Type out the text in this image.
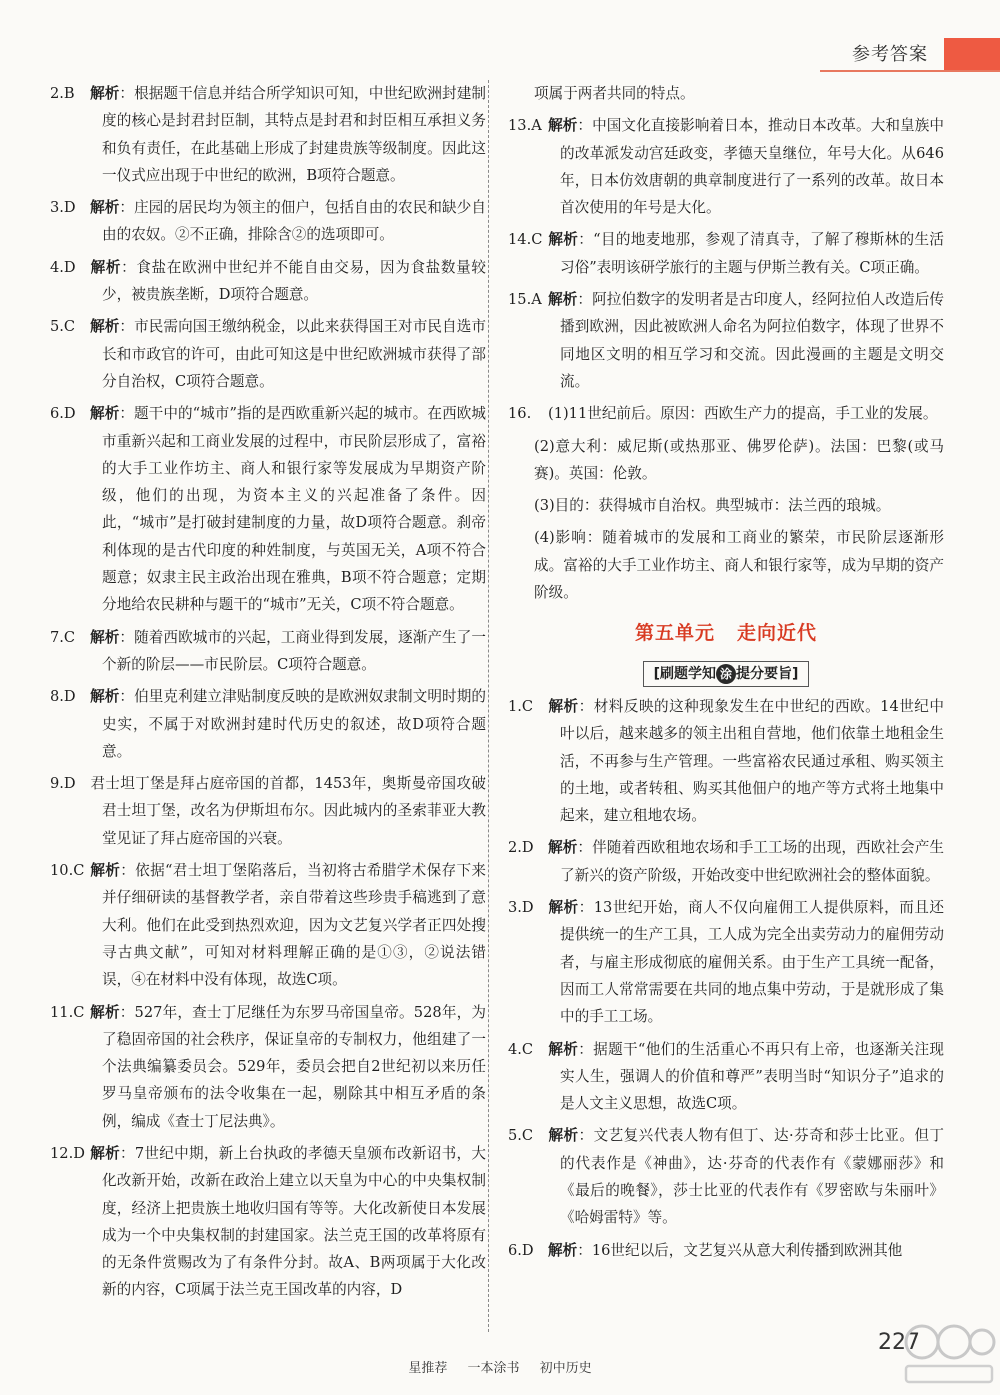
参考答案
2.B 解析：根据题干信息并结合所学知识可知，中世纪欧洲封建制度的核心是封君封臣制，其特点是封君和封臣相互承担义务和负有责任，在此基础上形成了封建贵族等级制度。因此这一仪式应出现于中世纪的欧洲，B项符合题意。
3.D 解析：庄园的居民均为领主的佃户，包括自由的农民和缺少自由的农奴。②不正确，排除含②的选项即可。
4.D 解析：食盐在欧洲中世纪并不能自由交易，因为食盐数量较少，被贵族垄断，D项符合题意。
5.C 解析：市民需向国王缴纳税金，以此来获得国王对市民自选市长和市政官的许可，由此可知这是中世纪欧洲城市获得了部分自治权，C项符合题意。
6.D 解析：题干中的“城市”指的是西欧重新兴起的城市。在西欧城市重新兴起和工商业发展的过程中，市民阶层形成了，富裕的大手工业作坊主、商人和银行家等发展成为早期资产阶级，他们的出现，为资本主义的兴起准备了条件。因此，“城市”是打破封建制度的力量，故D项符合题意。刹帝利体现的是古代印度的种姓制度，与英国无关，A项不符合题意；奴隶主民主政治出现在雅典，B项不符合题意；定期分地给农民耕种与题干的“城市”无关，C项不符合题意。
7.C 解析：随着西欧城市的兴起，工商业得到发展，逐渐产生了一个新的阶层——市民阶层。C项符合题意。
8.D 解析：伯里克利建立津贴制度反映的是欧洲奴隶制文明时期的史实，不属于对欧洲封建时代历史的叙述，故D项符合题意。
9.D 君士坦丁堡是拜占庭帝国的首都，1453年，奥斯曼帝国攻破君士坦丁堡，改名为伊斯坦布尔。因此城内的圣索菲亚大教堂见证了拜占庭帝国的兴衰。
10.C 解析：依据“君士坦丁堡陷落后，当初将古希腊学术保存下来并仔细研读的基督教学者，亲自带着这些珍贵手稿逃到了意大利。他们在此受到热烈欢迎，因为文艺复兴学者正四处搜寻古典文献”，可知对材料理解正确的是①③，②说法错误，④在材料中没有体现，故选C项。
11.C 解析：527年，查士丁尼继任为东罗马帝国皇帝。528年，为了稳固帝国的社会秩序，保证皇帝的专制权力，他组建了一个法典编纂委员会。529年，委员会把自2世纪初以来历任罗马皇帝颁布的法令收集在一起，剔除其中相互矛盾的条例，编成《查士丁尼法典》。
12.D 解析：7世纪中期，新上台执政的孝德天皇颁布改新诏书，大化改新开始，改新在政治上建立以天皇为中心的中央集权制度，经济上把贵族土地收归国有等等。大化改新使日本发展成为一个中央集权制的封建国家。法兰克王国的改革将原有的无条件赏赐改为了有条件分封。故A、B两项属于大化改新的内容，C项属于法兰克王国改革的内容，D
项属于两者共同的特点。
13.A 解析：中国文化直接影响着日本，推动日本改革。大和皇族中的改革派发动宫廷政变，孝德天皇继位，年号大化。从646年，日本仿效唐朝的典章制度进行了一系列的改革。故日本首次使用的年号是大化。
14.C 解析：“目的地麦地那，参观了清真寺，了解了穆斯林的生活习俗”表明该研学旅行的主题与伊斯兰教有关。C项正确。
15.A 解析：阿拉伯数字的发明者是古印度人，经阿拉伯人改造后传播到欧洲，因此被欧洲人命名为阿拉伯数字，体现了世界不同地区文明的相互学习和交流。因此漫画的主题是文明交流。
16. (1)11世纪前后。原因：西欧生产力的提高，手工业的发展。
(2)意大利：威尼斯(或热那亚、佛罗伦萨)。法国：巴黎(或马赛)。英国：伦敦。
(3)目的：获得城市自治权。典型城市：法兰西的琅城。
(4)影响：随着城市的发展和工商业的繁荣，市民阶层逐渐形成。富裕的大手工业作坊主、商人和银行家等，成为早期的资产阶级。
第五单元 走向近代
[刷题学知 涂 提分要旨]
1.C 解析：材料反映的这种现象发生在中世纪的西欧。14世纪中叶以后，越来越多的领主出租自营地，他们依靠土地租金生活，不再参与生产管理。一些富裕农民通过承租、购买领主的土地，或者转租、购买其他佃户的地产等方式将土地集中起来，建立租地农场。
2.D 解析：伴随着西欧租地农场和手工工场的出现，西欧社会产生了新兴的资产阶级，开始改变中世纪欧洲社会的整体面貌。
3.D 解析：13世纪开始，商人不仅向雇佣工人提供原料，而且还提供统一的生产工具，工人成为完全出卖劳动力的雇佣劳动者，与雇主形成彻底的雇佣关系。由于生产工具统一配备，因而工人常常需要在共同的地点集中劳动，于是就形成了集中的手工工场。
4.C 解析：据题干“他们的生活重心不再只有上帝，也逐渐关注现实人生，强调人的价值和尊严”表明当时“知识分子”追求的是人文主义思想，故选C项。
5.C 解析：文艺复兴代表人物有但丁、达·芬奇和莎士比亚。但丁的代表作是《神曲》，达·芬奇的代表作有《蒙娜丽莎》和《最后的晚餐》，莎士比亚的代表作有《罗密欧与朱丽叶》《哈姆雷特》等。
6.D 解析：16世纪以后，文艺复兴从意大利传播到欧洲其他
227
星推荐 一本涂书 初中历史
